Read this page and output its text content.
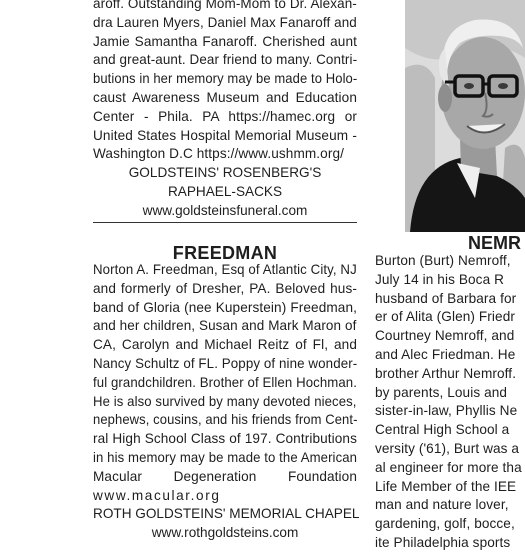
aroff. Outstanding Mom-Mom to Dr. Alexan-
dra Lauren Myers, Daniel Max Fanaroff and
Jamie Samantha Fanaroff. Cherished aunt
and great-aunt. Dear friend to many. Contri-
butions in her memory may be made to Holo-
caust Awareness Museum and Education
Center - Phila. PA https://hamec.org or
United States Hospital Memorial Museum -
Washington D.C https://www.ushmm.org/
GOLDSTEINS' ROSENBERG'S
RAPHAEL-SACKS
www.goldsteinsfuneral.com
FREEDMAN
Norton A. Freedman, Esq of Atlantic City, NJ
and formerly of Dresher, PA. Beloved hus-
band of Gloria (nee Kuperstein) Freedman,
and her children, Susan and Mark Maron of
CA, Carolyn and Michael Reitz of Fl, and
Nancy Schultz of FL. Poppy of nine wonder-
ful grandchildren. Brother of Ellen Hochman.
He is also survived by many devoted nieces,
nephews, cousins, and his friends from Cent-
ral High School Class of 197. Contributions
in his memory may be made to the American
Macular Degeneration Foundation
www.macular.org
ROTH GOLDSTEINS' MEMORIAL CHAPEL
www.rothgoldsteins.com
NEMR
Burton (Burt) Nemroff,
July 14 in his Boca R
husband of Barbara for
er of Alita (Glen) Friedr
Courtney Nemroff, and
and Alec Friedman. He
brother Arthur Nemroff.
by parents, Louis and
sister-in-law, Phyllis Ne
Central High School a
versity ('61), Burt was a
al engineer for more tha
Life Member of the IEE
man and nature lover,
gardening, golf, bocce,
ite Philadelphia sports
